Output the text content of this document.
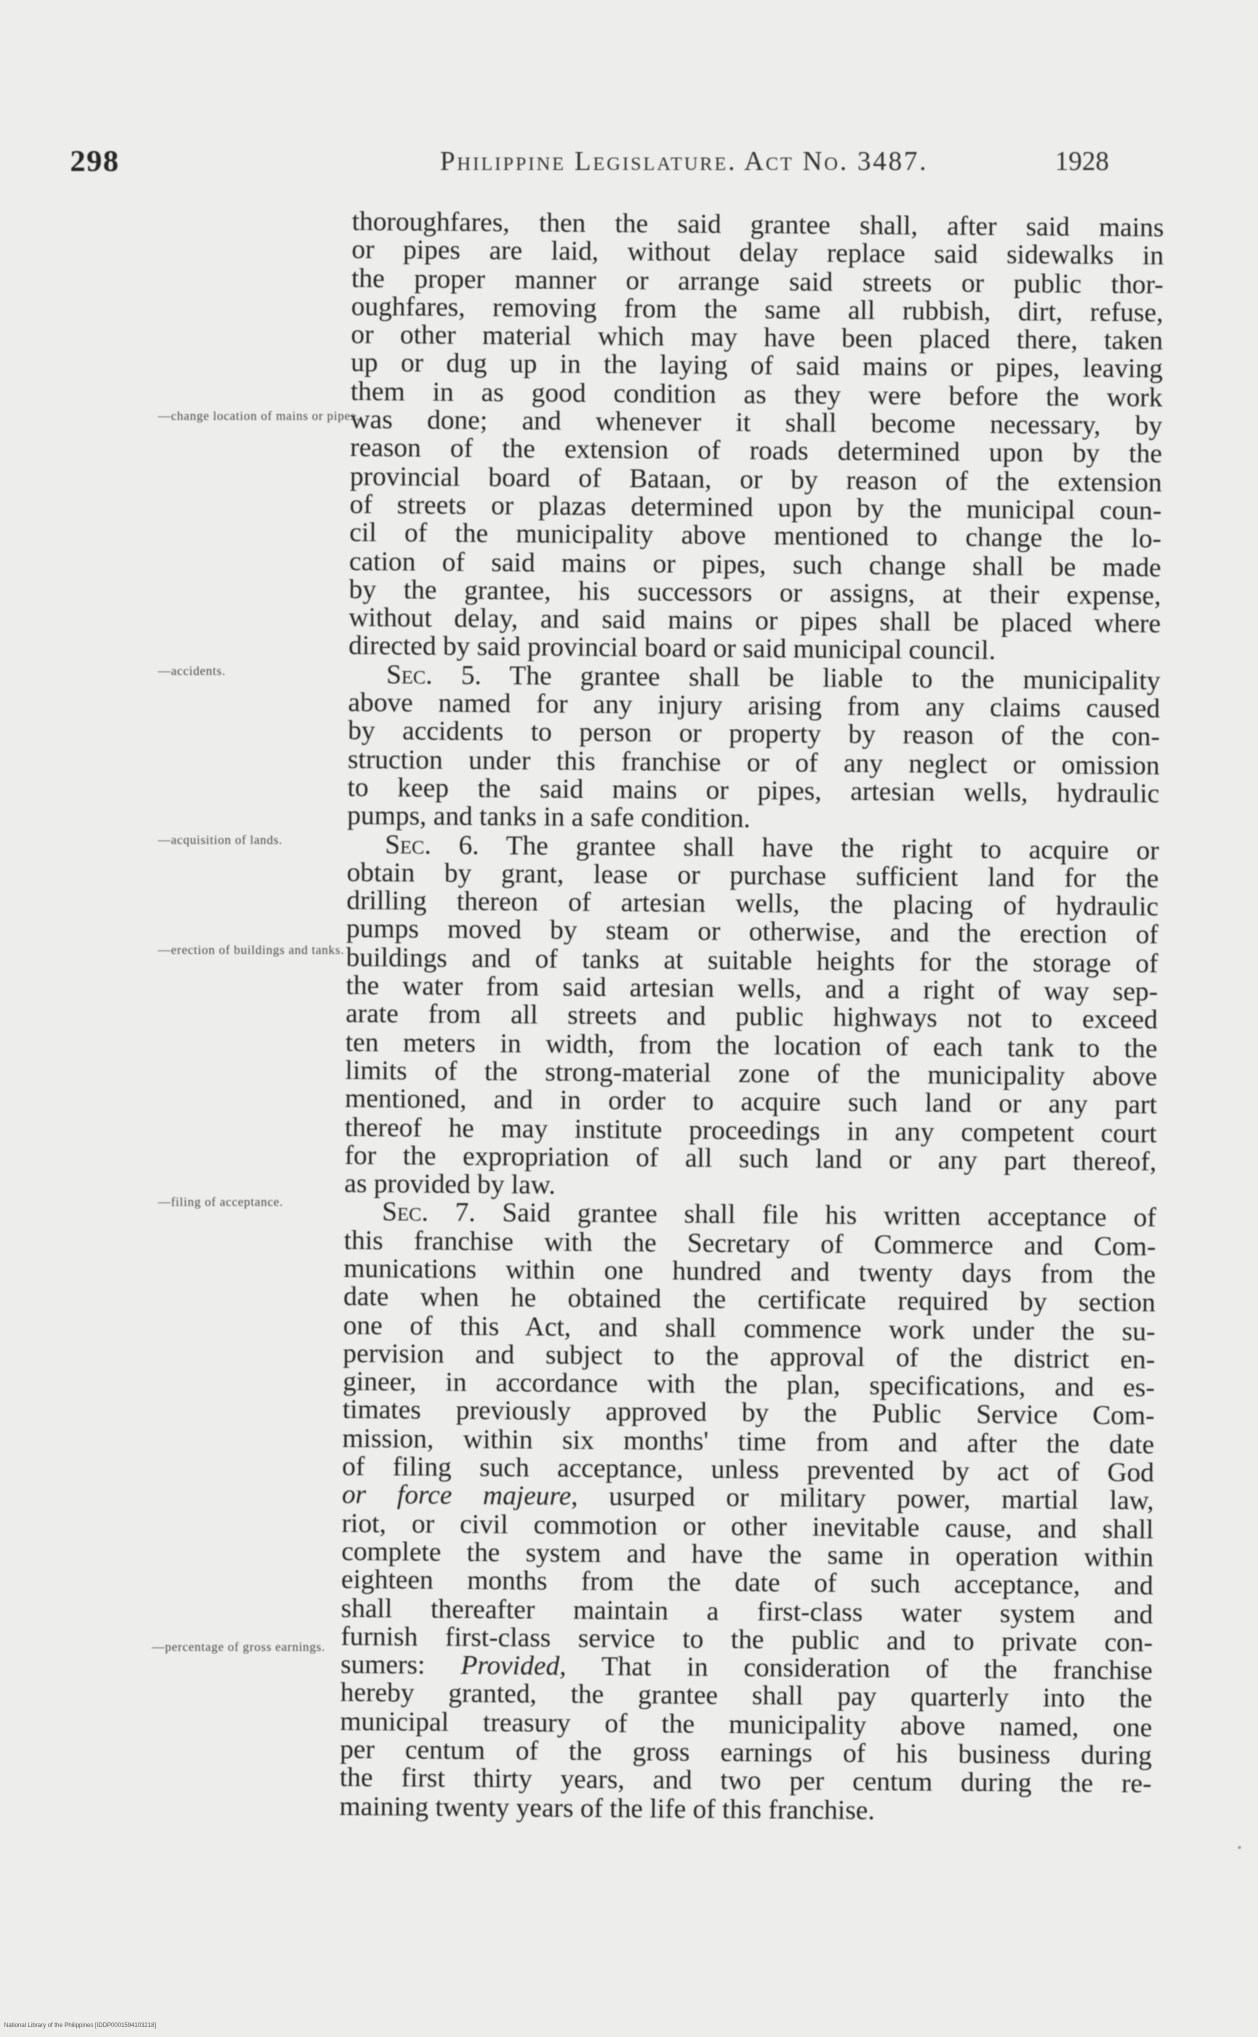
298	Philippine Legislature. Act No. 3487.	1928
—change location of mains or pipes.
—accidents.
—acquisition of lands.
—erection of buildings and tanks.
—filing of acceptance.
—percentage of gross earnings.
thoroughfares, then the said grantee shall, after said mains
or pipes are laid, without delay replace said sidewalks in
the proper manner or arrange said streets or public thor-
oughfares, removing from the same all rubbish, dirt, refuse,
or other material which may have been placed there, taken
up or dug up in the laying of said mains or pipes, leaving
them in as good condition as they were before the work
was done; and whenever it shall become necessary, by
reason of the extension of roads determined upon by the
provincial board of Bataan, or by reason of the extension
of streets or plazas determined upon by the municipal coun-
cil of the municipality above mentioned to change the lo-
cation of said mains or pipes, such change shall be made
by the grantee, his successors or assigns, at their expense,
without delay, and said mains or pipes shall be placed where
directed by said provincial board or said municipal council.
Sec. 5. The grantee shall be liable to the municipality
above named for any injury arising from any claims caused
by accidents to person or property by reason of the con-
struction under this franchise or of any neglect or omission
to keep the said mains or pipes, artesian wells, hydraulic
pumps, and tanks in a safe condition.
Sec. 6. The grantee shall have the right to acquire or
obtain by grant, lease or purchase sufficient land for the
drilling thereon of artesian wells, the placing of hydraulic
pumps moved by steam or otherwise, and the erection of
buildings and of tanks at suitable heights for the storage of
the water from said artesian wells, and a right of way sep-
arate from all streets and public highways not to exceed
ten meters in width, from the location of each tank to the
limits of the strong-material zone of the municipality above
mentioned, and in order to acquire such land or any part
thereof he may institute proceedings in any competent court
for the expropriation of all such land or any part thereof,
as provided by law.
Sec. 7. Said grantee shall file his written acceptance of
this franchise with the Secretary of Commerce and Com-
munications within one hundred and twenty days from the
date when he obtained the certificate required by section
one of this Act, and shall commence work under the su-
pervision and subject to the approval of the district en-
gineer, in accordance with the plan, specifications, and es-
timates previously approved by the Public Service Com-
mission, within six months' time from and after the date
of filing such acceptance, unless prevented by act of God
or force majeure, usurped or military power, martial law,
riot, or civil commotion or other inevitable cause, and shall
complete the system and have the same in operation within
eighteen months from the date of such acceptance, and
shall thereafter maintain a first-class water system and
furnish first-class service to the public and to private con-
sumers: Provided, That in consideration of the franchise
hereby granted, the grantee shall pay quarterly into the
municipal treasury of the municipality above named, one
per centum of the gross earnings of his business during
the first thirty years, and two per centum during the re-
maining twenty years of the life of this franchise.
National Library of the Philippines [IDDP0001594103218]
